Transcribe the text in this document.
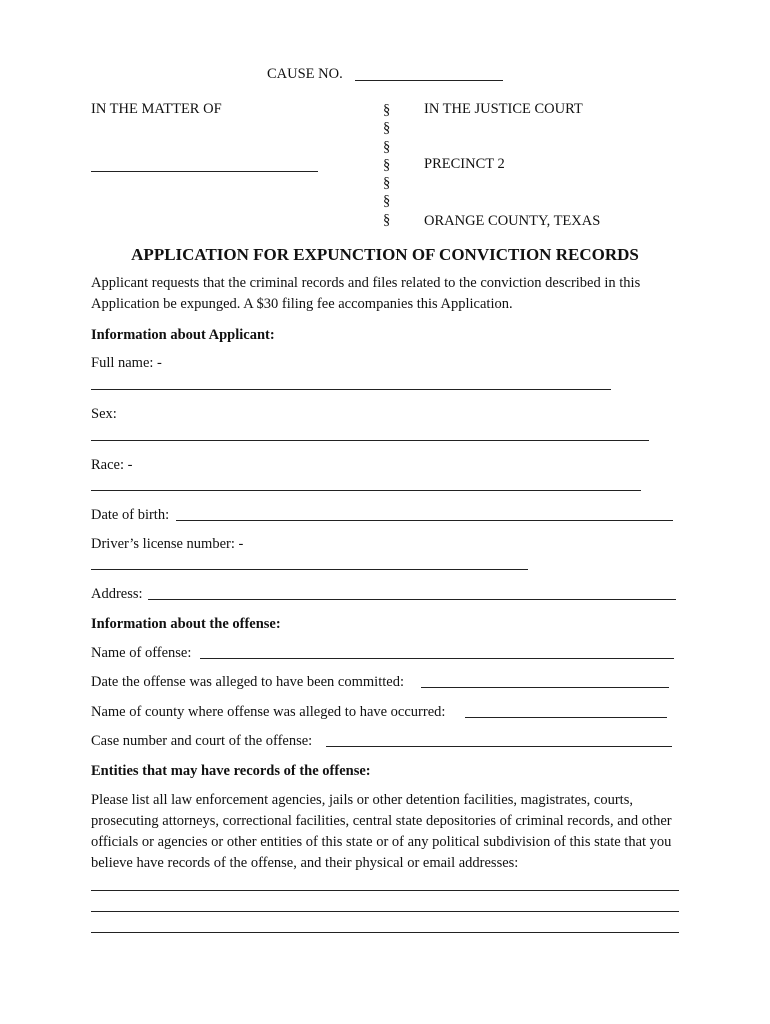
CAUSE NO.
IN THE MATTER OF	§
§
§
§
§
§
§
IN THE JUSTICE COURT
PRECINCT 2
ORANGE COUNTY, TEXAS
APPLICATION FOR EXPUNCTION OF CONVICTION RECORDS
Applicant requests that the criminal records and files related to the conviction described in this Application be expunged. A $30 filing fee accompanies this Application.
Information about Applicant:
Full name: -
Sex:
Race: -
Date of birth:
Driver’s license number: -
Address:
Information about the offense:
Name of offense:
Date the offense was alleged to have been committed:
Name of county where offense was alleged to have occurred:
Case number and court of the offense:
Entities that may have records of the offense:
Please list all law enforcement agencies, jails or other detention facilities, magistrates, courts, prosecuting attorneys, correctional facilities, central state depositories of criminal records, and other officials or agencies or other entities of this state or of any political subdivision of this state that you believe have records of the offense, and their physical or email addresses:
